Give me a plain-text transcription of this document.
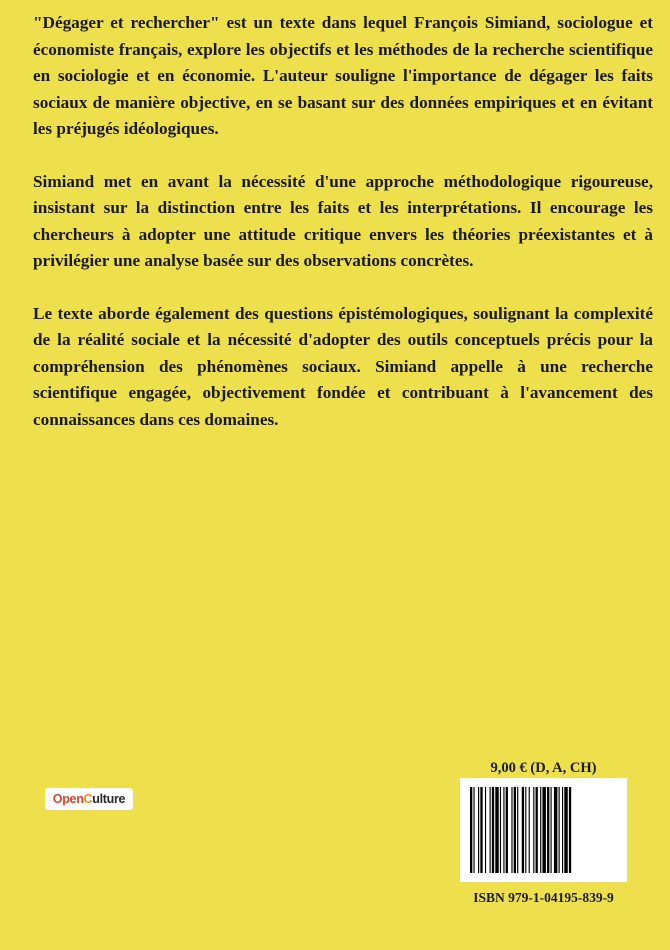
"Dégager et rechercher" est un texte dans lequel François Simiand, sociologue et économiste français, explore les objectifs et les méthodes de la recherche scientifique en sociologie et en économie. L'auteur souligne l'importance de dégager les faits sociaux de manière objective, en se basant sur des données empiriques et en évitant les préjugés idéologiques.

Simiand met en avant la nécessité d'une approche méthodologique rigoureuse, insistant sur la distinction entre les faits et les interprétations. Il encourage les chercheurs à adopter une attitude critique envers les théories préexistantes et à privilégier une analyse basée sur des observations concrètes.

Le texte aborde également des questions épistémologiques, soulignant la complexité de la réalité sociale et la nécessité d'adopter des outils conceptuels précis pour la compréhension des phénomènes sociaux. Simiand appelle à une recherche scientifique engagée, objectivement fondée et contribuant à l'avancement des connaissances dans ces domaines.

Open C ulture
9,00 € (D, A, CH)
ISBN 979-1-04195-839-9
